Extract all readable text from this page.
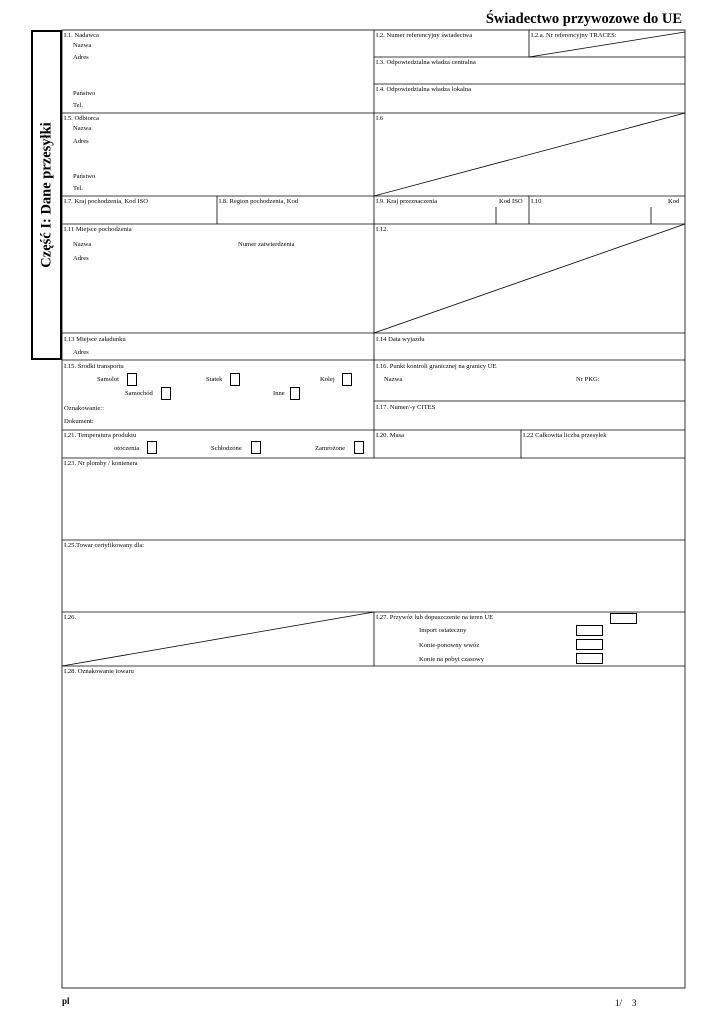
Świadectwo przywozowe do UE
Część I: Dane przesyłki
I.1. Nadawca
Nazwa
Adres
Państwo
Tel.
I.2. Numer referencyjny świadectwa	I.2.a. Nr referencyjny TRACES:
I.3. Odpowiedzialna władza centralna
I.4. Odpowiedzialna władza lokalna
I.5. Odbiorca
Nazwa
Adres
Państwo
Tel.
I.6
I.7. Kraj pochodzenia, Kod ISO	I.8. Region pochodzenia, Kod	I.9. Kraj przeznaczenia	Kod ISO I.10	Kod
I.11 Miejsce pochodzenia
Nazwa	Numer zatwierdzenia
Adres
I.12.
I.13 Miejsce załadunku
Adres
I.14 Data wyjazdu
I.15. Środki transportu
Samolot	Statek	Kolej
Samochód	Inne
Oznakowanie::
Dokument:
I.16. Punkt kontroli granicznej na granicy UE
Nazwa	Nr PKG:
I.17. Numer/-y CITES
I.21. Temperatura produktu
otoczenia	Schłodzone	Zamrożone
I.20. Masa	I.22 Całkowita liczba przesyłek
I.23. Nr plomby / kontenera
I.25.Towar certyfikowany dla:
I.26.	I.27. Przywóz lub dopuszczenie na teren UE
Import ostateczny
Konie-ponowny wwóz
Konie na pobyt czasowy
I.28. Oznakowanie towaru
pl	1/ 3
